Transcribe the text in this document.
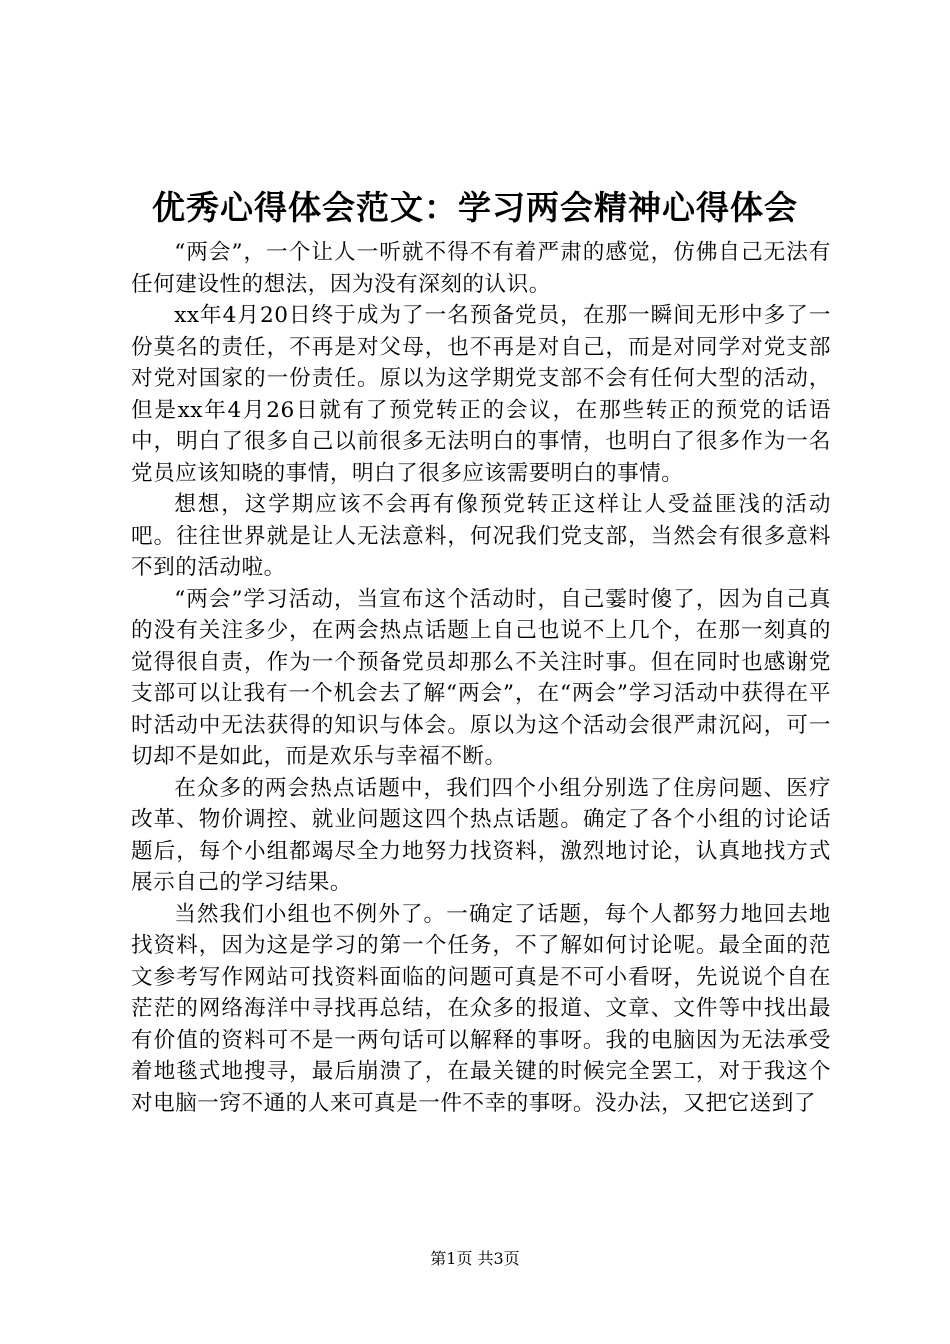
优秀心得体会范文：学习两会精神心得体会

“两会”，一个让人一听就不得不有着严肃的感觉，仿佛自己无法有任何建设性的想法，因为没有深刻的认识。

xx年4月20日终于成为了一名预备党员，在那一瞬间无形中多了一份莫名的责任，不再是对父母，也不再是对自己，而是对同学对党支部对党对国家的一份责任。原以为这学期党支部不会有任何大型的活动，但是xx年4月26日就有了预党转正的会议，在那些转正的预党的话语中，明白了很多自己以前很多无法明白的事情，也明白了很多作为一名党员应该知晓的事情，明白了很多应该需要明白的事情。

想想，这学期应该不会再有像预党转正这样让人受益匪浅的活动吧。往往世界就是让人无法意料，何况我们党支部，当然会有很多意料不到的活动啦。

“两会”学习活动，当宣布这个活动时，自己霎时傻了，因为自己真的没有关注多少，在两会热点话题上自己也说不上几个，在那一刻真的觉得很自责，作为一个预备党员却那么不关注时事。但在同时也感谢党支部可以让我有一个机会去了解“两会”，在“两会”学习活动中获得在平时活动中无法获得的知识与体会。原以为这个活动会很严肃沉闷，可一切却不是如此，而是欢乐与幸福不断。

在众多的两会热点话题中，我们四个小组分别选了住房问题、医疗改革、物价调控、就业问题这四个热点话题。确定了各个小组的讨论话题后，每个小组都竭尽全力地努力找资料，激烈地讨论，认真地找方式展示自己的学习结果。

当然我们小组也不例外了。一确定了话题，每个人都努力地回去地找资料，因为这是学习的第一个任务，不了解如何讨论呢。最全面的范文参考写作网站可找资料面临的问题可真是不可小看呀，先说说个自在茫茫的网络海洋中寻找再总结，在众多的报道、文章、文件等中找出最有价值的资料可不是一两句话可以解释的事呀。我的电脑因为无法承受着地毯式地搜寻，最后崩溃了，在最关键的时候完全罢工，对于我这个对电脑一窍不通的人来可真是一件不幸的事呀。没办法，又把它送到了

第1页 共3页
